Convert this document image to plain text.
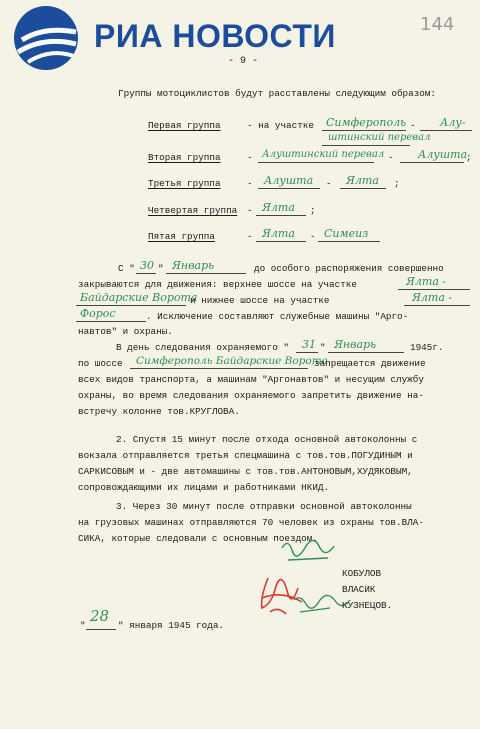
РИА НОВОСТИ	144
- 9 -
Группы мотоциклистов будут расставлены следующим образом:
Первая группа	- на участке Симферополь - Алу-
штинский перевал
Вторая группа	- Алуштинский перевал - Алушта
;
Третья группа	- Алушта - Ялта ;
Четвертая группа - Ялта ;
Пятая группа	- Ялта - Симеиз
С " 30 " Январь	до особого распоряжения совершенно
закрываются для движения: верхнее шоссе на участке	Ялта -
Байдарские Ворота
и нижнее шоссе на участке	Ялта -
Форос	. Исключение составляют служебные машины "Арго-
навтов" и охраны.
В день следования охраняемого " 31 " Январь	1945г.
по шоссе Симферополь Байдарские Ворота
запрещается движение
всех видов транспорта, а машинам "Аргонавтов" и несущим службу
охраны, во время следования охраняемого запретить движение на-
встречу колонне тов.КРУГЛОВА.
2. Спустя 15 минут после отхода основной автоколонны с
вокзала отправляется третья спецмашина с тов.тов.ПОГУДИНЫМ и
САРКИСОВЫМ и - две автомашины с тов.тов.АНТОНОВЫМ,ХУДЯКОВЫМ,
сопровождающими их лицами и работниками НКИД.
3. Через 30 минут после отправки основной автоколонны
на грузовых машинах отправляются 70 человек из охраны тов.ВЛА-
СИКА, которые следовали с основным поездом.
КОБУЛОВ
ВЛАСИК
КУЗНЕЦОВ.
"
28
" января 1945 года.
